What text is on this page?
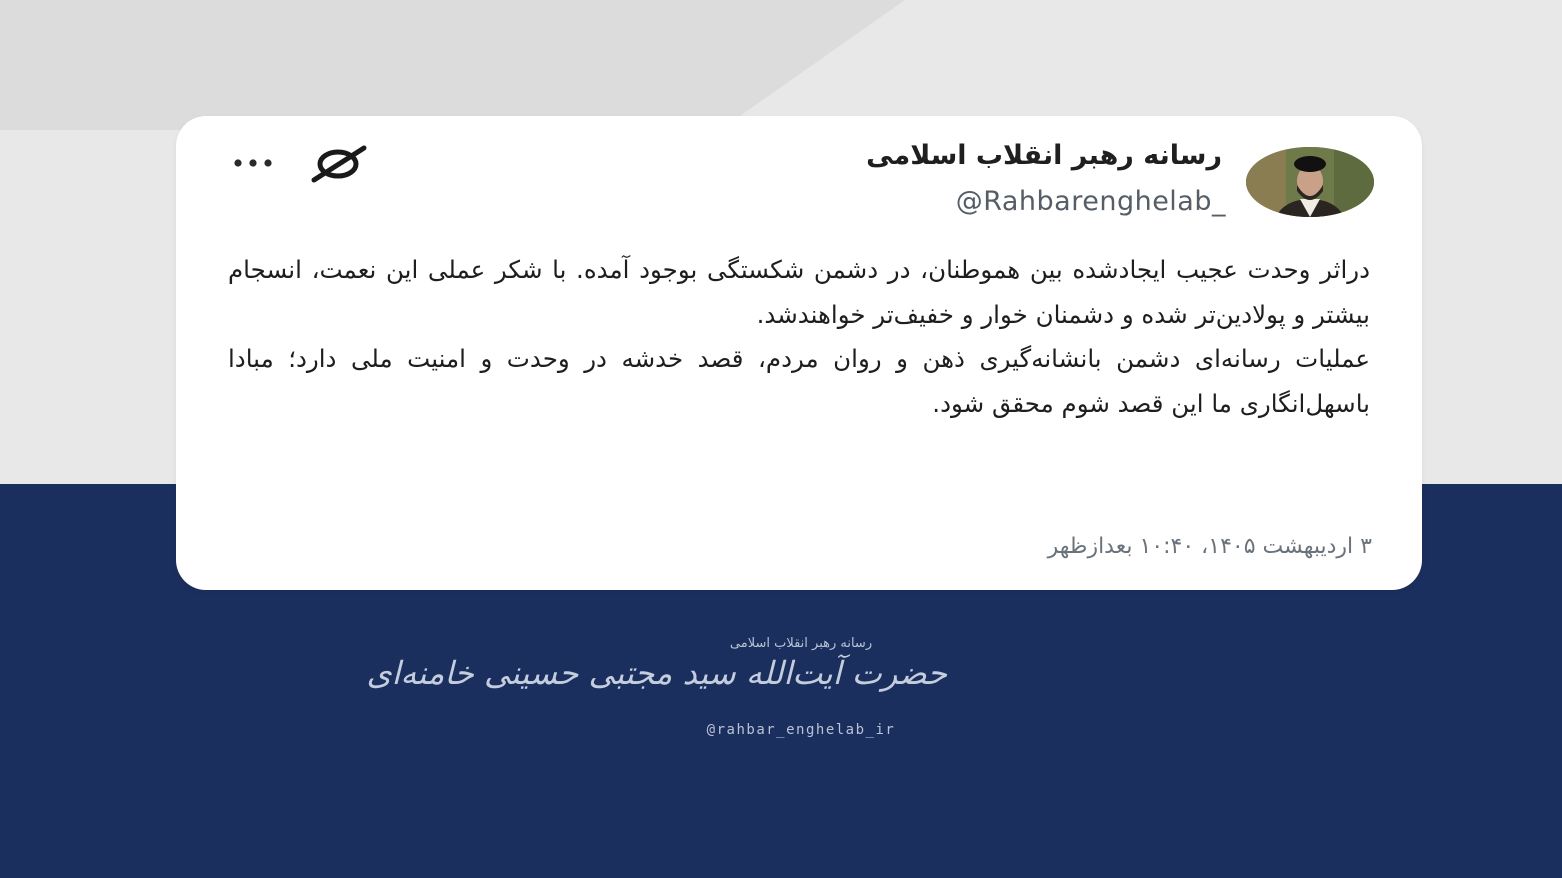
رسانه رهبر انقلاب اسلامی
@Rahbarenghelab_

دراثر وحدت عجیب ایجادشده بین هموطنان، در دشمن شکستگی بوجود آمده. با شکر عملی این نعمت، انسجام بیشتر و پولادین‌تر شده و دشمنان خوار و خفیف‌تر خواهندشد.

عملیات رسانه‌ای دشمن بانشانه‌گیری ذهن و روان مردم، قصد خدشه در وحدت و امنیت ملی دارد؛ مبادا باسهل‌انگاری ما این قصد شوم محقق شود.

۳ اردیبهشت ۱۴۰۵، ۱۰:۴۰ بعدازظهر
رسانه رهبر انقلاب اسلامی
حضرت آیت‌الله سید مجتبی حسینی خامنه‌ای
@rahbar_enghelab_ir
